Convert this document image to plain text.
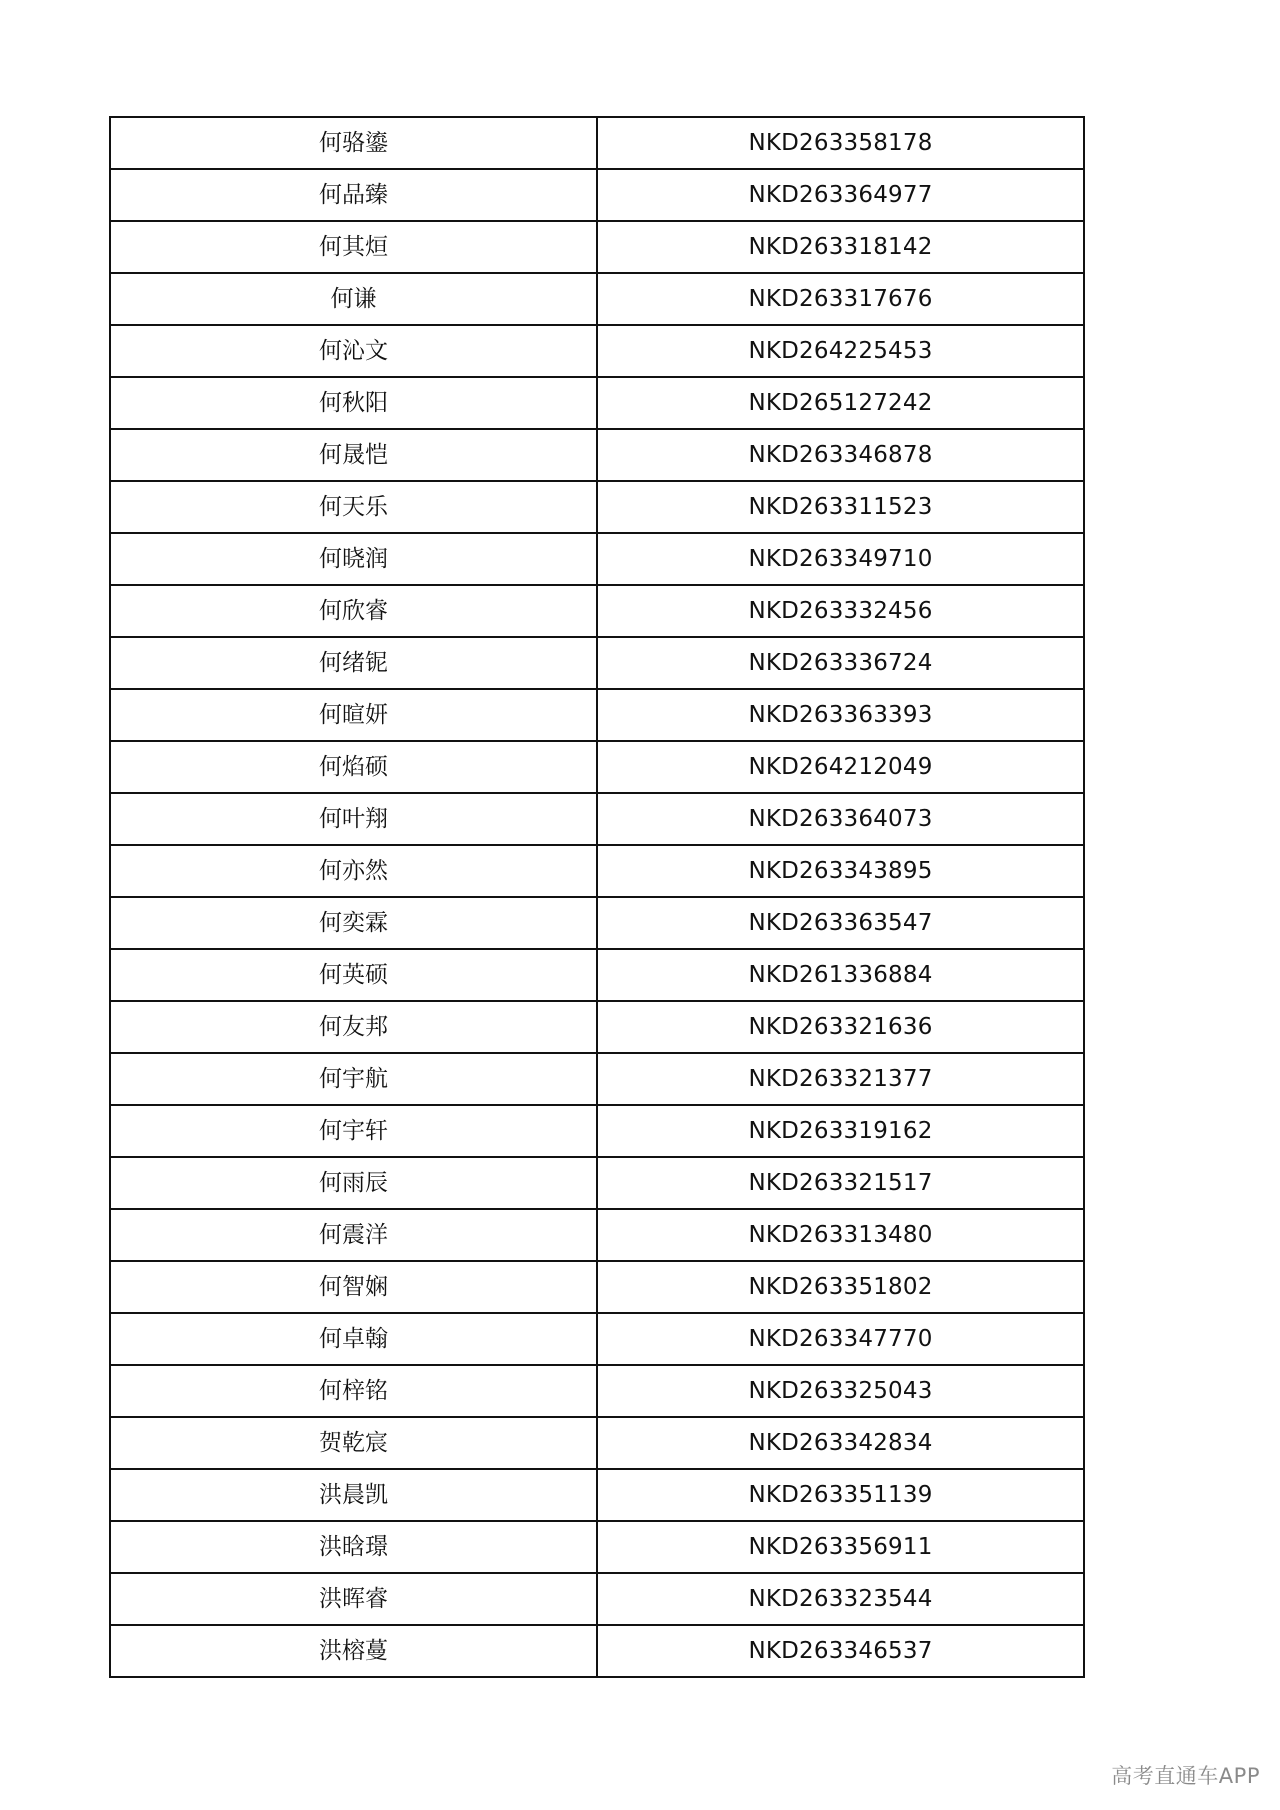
何骆鎏	NKD263358178
何品臻	NKD263364977
何其烜	NKD263318142
何谦	NKD263317676
何沁文	NKD264225453
何秋阳	NKD265127242
何晟恺	NKD263346878
何天乐	NKD263311523
何晓润	NKD263349710
何欣睿	NKD263332456
何绪铌	NKD263336724
何暄妍	NKD263363393
何焰硕	NKD264212049
何叶翔	NKD263364073
何亦然	NKD263343895
何奕霖	NKD263363547
何英硕	NKD261336884
何友邦	NKD263321636
何宇航	NKD263321377
何宇轩	NKD263319162
何雨辰	NKD263321517
何震洋	NKD263313480
何智娴	NKD263351802
何卓翰	NKD263347770
何梓铭	NKD263325043
贺乾宸	NKD263342834
洪晨凯	NKD263351139
洪晗璟	NKD263356911
洪晖睿	NKD263323544
洪榕蔓	NKD263346537
高考直通车APP
